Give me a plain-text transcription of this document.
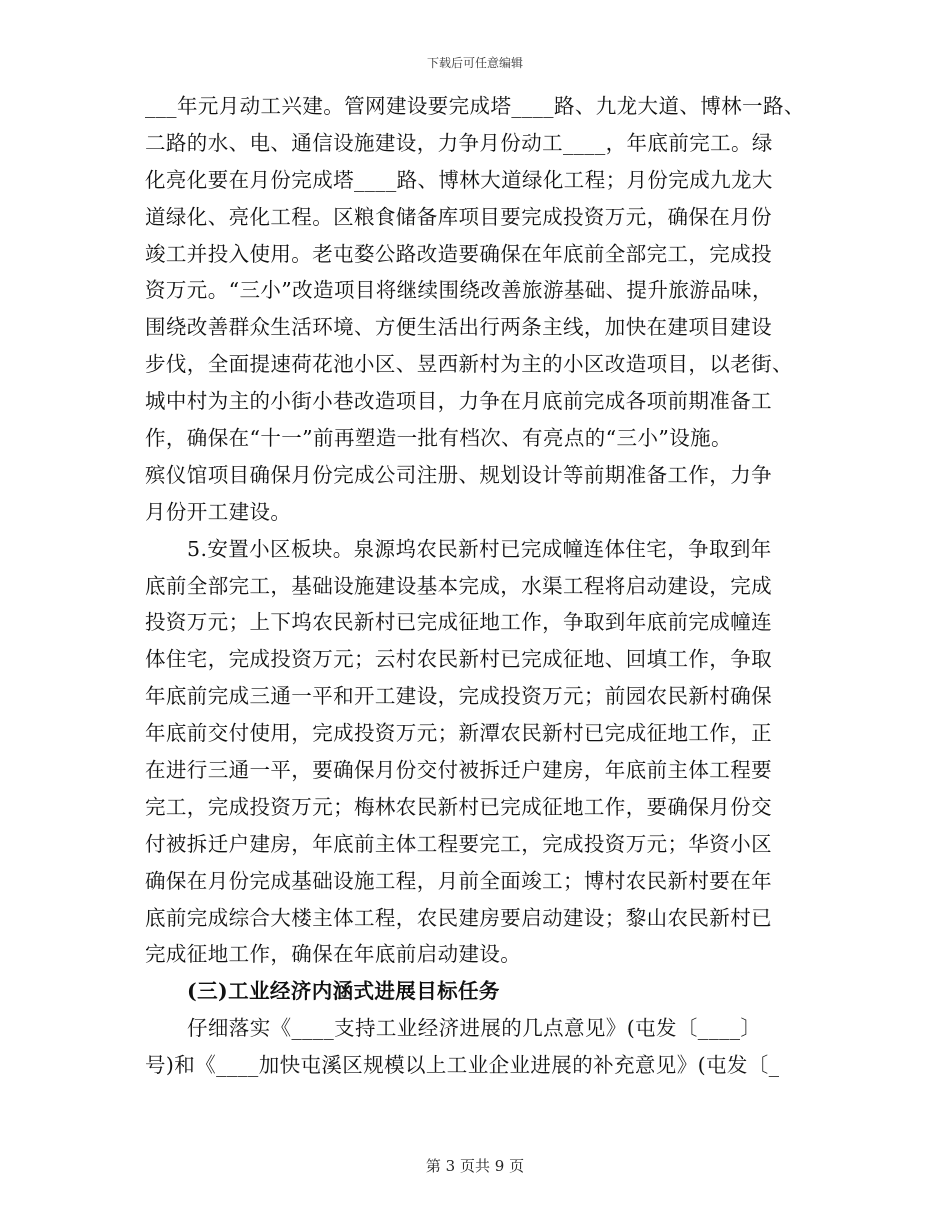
下载后可任意编辑
___年元月动工兴建。管网建设要完成塔____路、九龙大道、博林一路、
二路的水、电、通信设施建设，力争月份动工____，年底前完工。绿
化亮化要在月份完成塔____路、博林大道绿化工程；月份完成九龙大
道绿化、亮化工程。区粮食储备库项目要完成投资万元，确保在月份
竣工并投入使用。老屯婺公路改造要确保在年底前全部完工，完成投
资万元。“三小”改造项目将继续围绕改善旅游基础、提升旅游品味，
围绕改善群众生活环境、方便生活出行两条主线，加快在建项目建设
步伐，全面提速荷花池小区、昱西新村为主的小区改造项目，以老街、
城中村为主的小街小巷改造项目，力争在月底前完成各项前期准备工
作，确保在“十一”前再塑造一批有档次、有亮点的“三小”设施。
殡仪馆项目确保月份完成公司注册、规划设计等前期准备工作，力争
月份开工建设。
5.安置小区板块。泉源坞农民新村已完成幢连体住宅，争取到年
底前全部完工，基础设施建设基本完成，水渠工程将启动建设，完成
投资万元；上下坞农民新村已完成征地工作，争取到年底前完成幢连
体住宅，完成投资万元；云村农民新村已完成征地、回填工作，争取
年底前完成三通一平和开工建设，完成投资万元；前园农民新村确保
年底前交付使用，完成投资万元；新潭农民新村已完成征地工作，正
在进行三通一平，要确保月份交付被拆迁户建房，年底前主体工程要
完工，完成投资万元；梅林农民新村已完成征地工作，要确保月份交
付被拆迁户建房，年底前主体工程要完工，完成投资万元；华资小区
确保在月份完成基础设施工程，月前全面竣工；博村农民新村要在年
底前完成综合大楼主体工程，农民建房要启动建设；黎山农民新村已
完成征地工作，确保在年底前启动建设。
(三)工业经济内涵式进展目标任务
仔细落实《____支持工业经济进展的几点意见》(屯发〔____〕
号)和《____加快屯溪区规模以上工业企业进展的补充意见》(屯发〔_
第 3 页共 9 页
